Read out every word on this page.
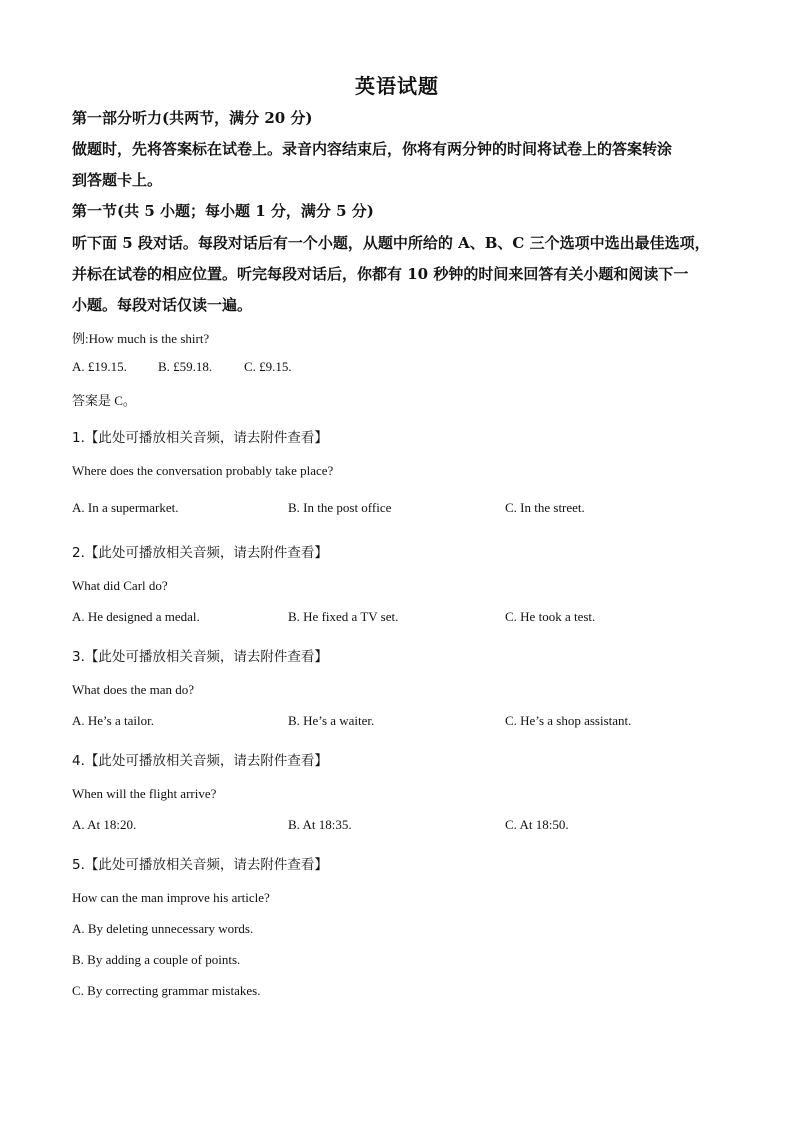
英语试题
第一部分听力(共两节，满分 20 分)
做题时，先将答案标在试卷上。录音内容结束后，你将有两分钟的时间将试卷上的答案转涂
到答题卡上。
第一节(共 5 小题；每小题 1 分，满分 5 分)
听下面 5 段对话。每段对话后有一个小题，从题中所给的 A、B、C 三个选项中选出最佳选项，
并标在试卷的相应位置。听完每段对话后，你都有 10 秒钟的时间来回答有关小题和阅读下一
小题。每段对话仅读一遍。
例:How much is the shirt?
A. £19.15. B. £59.18. C. £9.15.
答案是 C。
1.【此处可播放相关音频，请去附件查看】
Where does the conversation probably take place?
A. In a supermarket.	B. In the post office	C. In the street.
2.【此处可播放相关音频，请去附件查看】
What did Carl do?
A. He designed a medal.	B. He fixed a TV set.	C. He took a test.
3.【此处可播放相关音频，请去附件查看】
What does the man do?
A. He’s a tailor.	B. He’s a waiter.	C. He’s a shop assistant.
4.【此处可播放相关音频，请去附件查看】
When will the flight arrive?
A. At 18:20.	B. At 18:35.	C. At 18:50.
5.【此处可播放相关音频，请去附件查看】
How can the man improve his article?
A. By deleting unnecessary words.
B. By adding a couple of points.
C. By correcting grammar mistakes.
